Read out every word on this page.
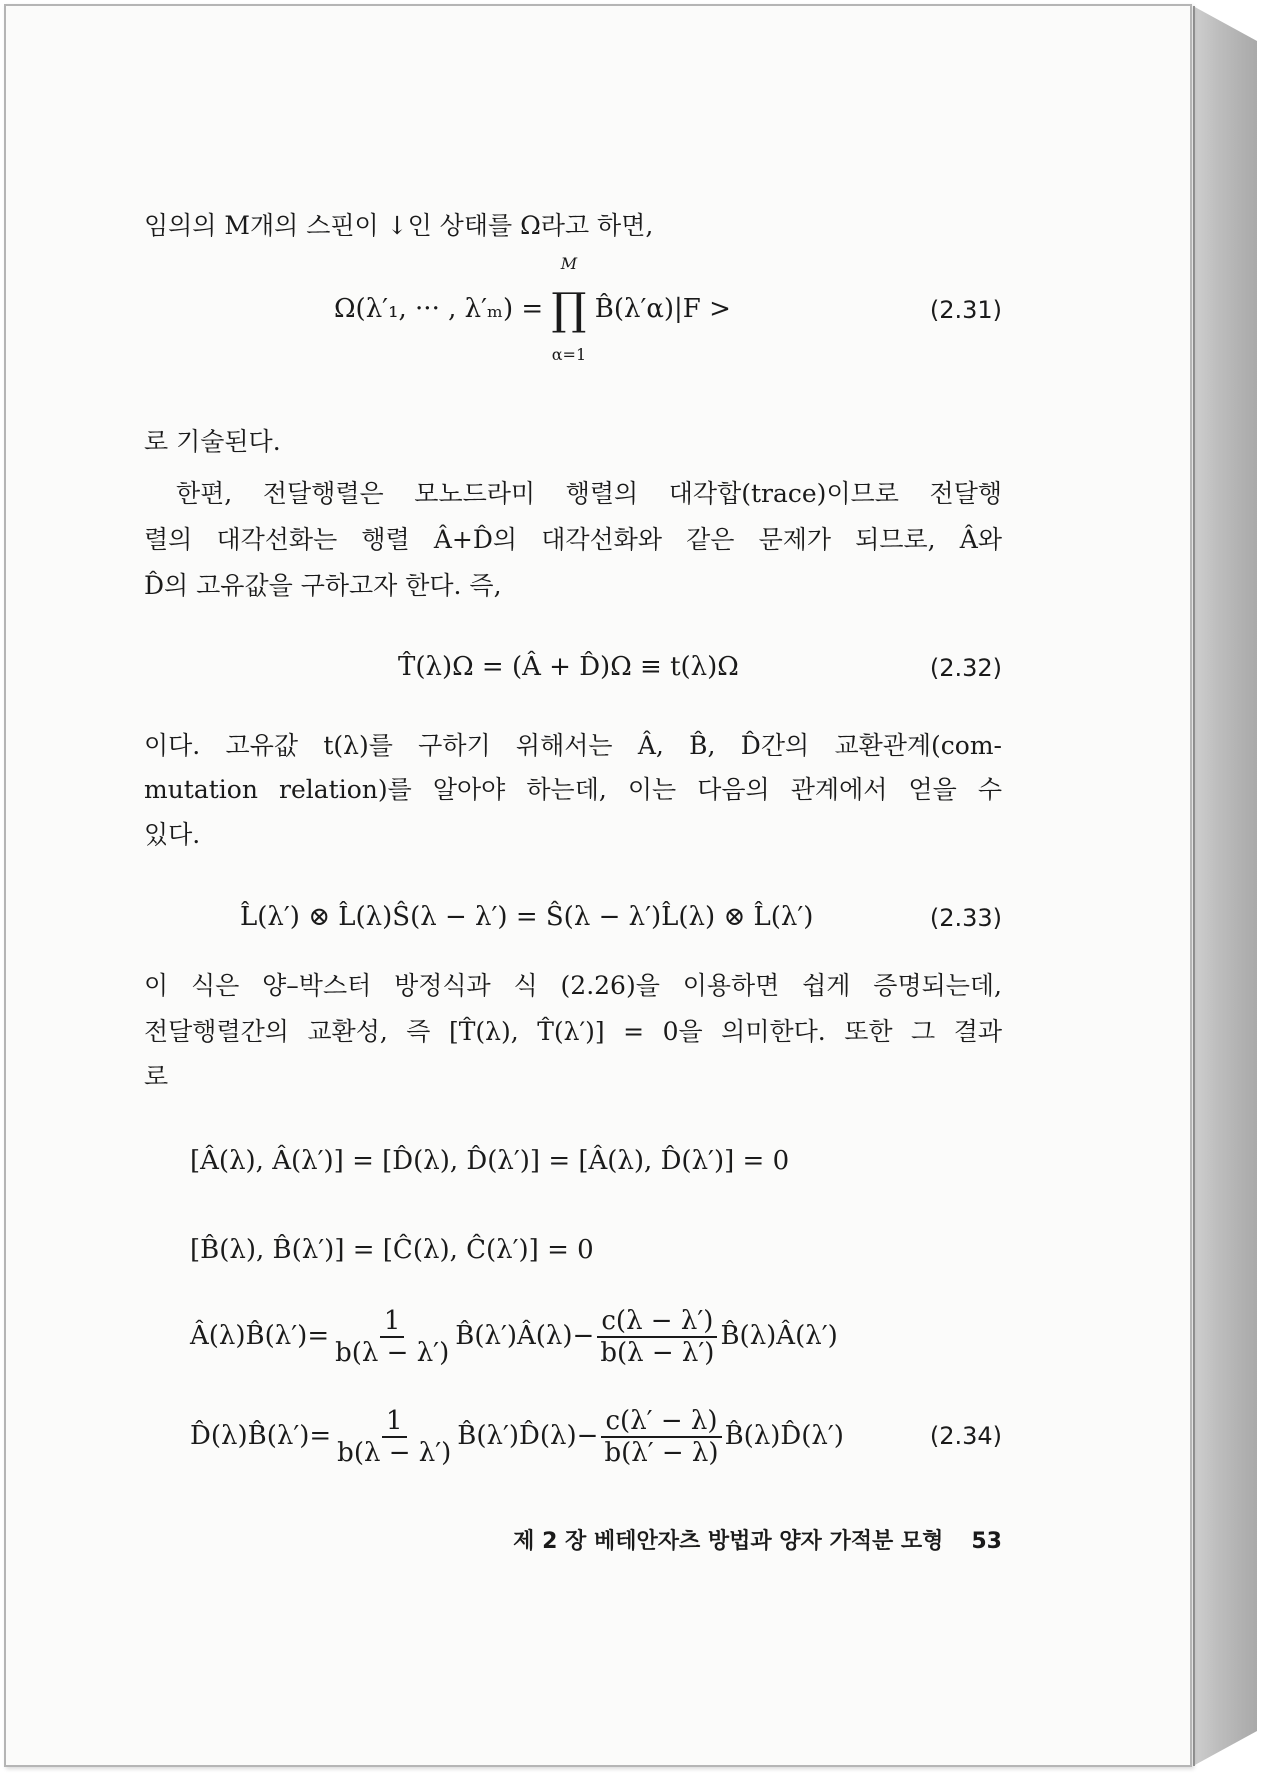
임의의 M개의 스핀이 ↓인 상태를 Ω라고 하면,
Ω(λ′₁, ··· , λ′ₘ) =
M
∏
α=1
B̂(λ′α)|F >	(2.31)
로 기술된다.
한편, 전달행렬은 모노드라미 행렬의 대각합(trace)이므로 전달행
렬의 대각선화는 행렬 Â+D̂의 대각선화와 같은 문제가 되므로, Â와
D̂의 고유값을 구하고자 한다. 즉,
T̂(λ)Ω = (Â + D̂)Ω ≡ t(λ)Ω	(2.32)
이다. 고유값 t(λ)를 구하기 위해서는 Â, B̂, D̂간의 교환관계(com-
mutation relation)를 알아야 하는데, 이는 다음의 관계에서 얻을 수
있다.
L̂(λ′) ⊗ L̂(λ)Ŝ(λ − λ′) = Ŝ(λ − λ′)L̂(λ) ⊗ L̂(λ′)	(2.33)
이 식은 양–박스터 방정식과 식 (2.26)을 이용하면 쉽게 증명되는데,
전달행렬간의 교환성, 즉 [T̂(λ), T̂(λ′)] = 0을 의미한다. 또한 그 결과
로
[Â(λ), Â(λ′)] = [D̂(λ), D̂(λ′)] = [Â(λ), D̂(λ′)] = 0
[B̂(λ), B̂(λ′)] = [Ĉ(λ), Ĉ(λ′)] = 0
Â(λ)B̂(λ′)= $\frac{1}{b(\lambda - \lambda')}$ B̂(λ′)Â(λ)− $\frac{c(\lambda - \lambda')}{b(\lambda - \lambda')}$ B̂(λ)Â(λ′)
D̂(λ)B̂(λ′)= $\frac{1}{b(\lambda - \lambda')}$ B̂(λ′)D̂(λ)− $\frac{c(\lambda' - \lambda)}{b(\lambda' - \lambda)}$ B̂(λ)D̂(λ′)	(2.34)
제 2 장 베테안자츠 방법과 양자 가적분 모형 53
